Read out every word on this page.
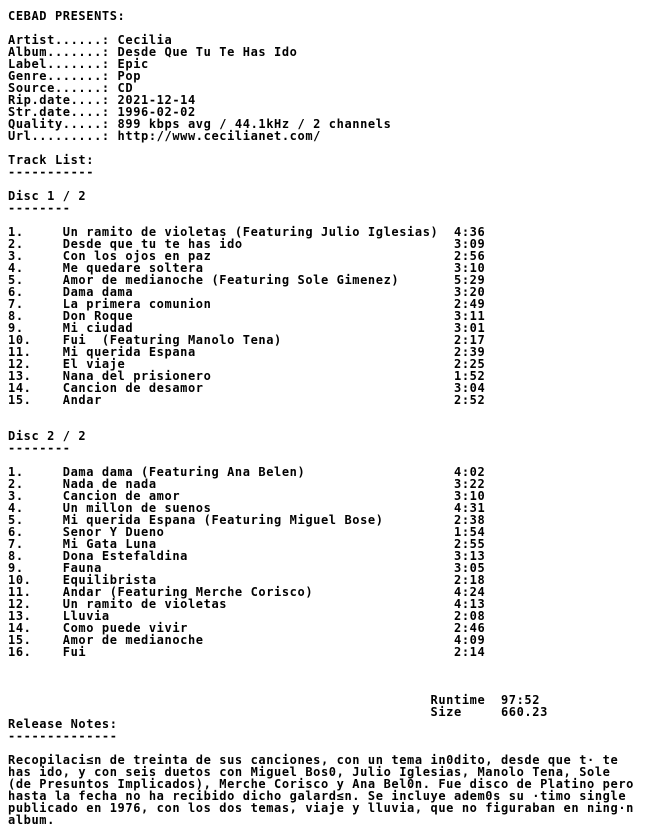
CEBAD PRESENTS:

Artist......: Cecilia
Album.......: Desde Que Tu Te Has Ido
Label.......: Epic
Genre.......: Pop
Source......: CD
Rip.date....: 2021-12-14
Str.date....: 1996-02-02
Quality.....: 899 kbps avg / 44.1kHz / 2 channels
Url.........: http://www.cecilianet.com/

Track List:
-----------

Disc 1 / 2
--------

1.     Un ramito de violetas (Featuring Julio Iglesias)  4:36
2.     Desde que tu te has ido                           3:09
3.     Con los ojos en paz                               2:56
4.     Me quedare soltera                                3:10
5.     Amor de medianoche (Featuring Sole Gimenez)       5:29
6.     Dama dama                                         3:20
7.     La primera comunion                               2:49
8.     Don Roque                                         3:11
9.     Mi ciudad                                         3:01
10.    Fui  (Featuring Manolo Tena)                      2:17
11.    Mi querida Espana                                 2:39
12.    El viaje                                          2:25
13.    Nana del prisionero                               1:52
14.    Cancion de desamor                                3:04
15.    Andar                                             2:52

Disc 2 / 2
--------

1.     Dama dama (Featuring Ana Belen)                   4:02
2.     Nada de nada                                      3:22
3.     Cancion de amor                                   3:10
4.     Un millon de suenos                               4:31
5.     Mi querida Espana (Featuring Miguel Bose)         2:38
6.     Senor Y Dueno                                     1:54
7.     Mi Gata Luna                                      2:55
8.     Dona Estefaldina                                  3:13
9.     Fauna                                             3:05
10.    Equilibrista                                      2:18
11.    Andar (Featuring Merche Corisco)                  4:24
12.    Un ramito de violetas                             4:13
13.    Lluvia                                            2:08
14.    Como puede vivir                                  2:46
15.    Amor de medianoche                                4:09
16.    Fui                                               2:14

Runtime  97:52
Size     660.23
Release Notes:
--------------

Recopilaci≤n de treinta de sus canciones, con un tema in0dito, desde que t· te
has ido, y con seis duetos con Miguel Bos0, Julio Iglesias, Manolo Tena, Sole
(de Presuntos Implicados), Merche Corisco y Ana Bel0n. Fue disco de Platino pero
hasta la fecha no ha recibido dicho galard≤n. Se incluye adem0s su ·timo single
publicado en 1976, con los dos temas, viaje y lluvia, que no figuraban en ning·n
album.
